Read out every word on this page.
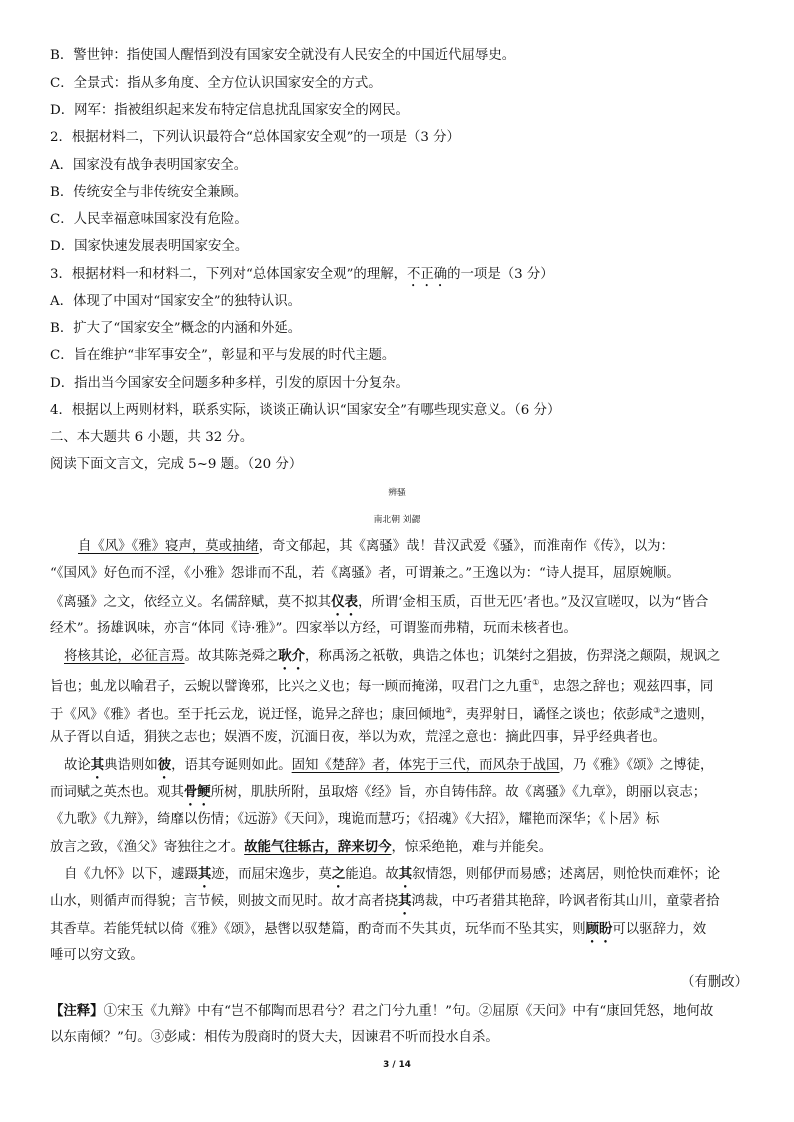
B．警世钟：指使国人醒悟到没有国家安全就没有人民安全的中国近代屈辱史。
C．全景式：指从多角度、全方位认识国家安全的方式。
D．网军：指被组织起来发布特定信息扰乱国家安全的网民。
2．根据材料二，下列认识最符合“总体国家安全观”的一项是（3 分）
A．国家没有战争表明国家安全。
B．传统安全与非传统安全兼顾。
C．人民幸福意味国家没有危险。
D．国家快速发展表明国家安全。
3．根据材料一和材料二，下列对“总体国家安全观”的理解，不正确的一项是（3 分）
A．体现了中国对“国家安全”的独特认识。
B．扩大了“国家安全”概念的内涵和外延。
C．旨在维护“非军事安全”，彰显和平与发展的时代主题。
D．指出当今国家安全问题多种多样，引发的原因十分复杂。
4．根据以上两则材料，联系实际，谈谈正确认识“国家安全”有哪些现实意义。（6 分）
二、本大题共 6 小题，共 32 分。
阅读下面文言文，完成 5~9 题。（20 分）
辨骚
南北朝 刘勰
自《风》《雅》寝声，莫或抽绪，奇文郁起，其《离骚》哉！昔汉武爱《骚》，而淮南作《传》，以为：
“《国风》好色而不淫，《小雅》怨诽而不乱，若《离骚》者，可谓兼之。”王逸以为：“诗人提耳，屈原婉顺。
《离骚》之文，依经立义。名儒辞赋，莫不拟其仪表，所谓‘金相玉质，百世无匹’者也。”及汉宣嗟叹，以为“皆合
经术”。扬雄讽味，亦言“体同《诗·雅》”。四家举以方经，可谓鉴而弗精，玩而未核者也。
将核其论，必征言焉。故其陈尧舜之耿介，称禹汤之祇敬，典诰之体也；讥桀纣之猖披，伤羿浇之颠陨，规讽之
旨也；虬龙以喻君子，云蜺以譬谗邪，比兴之义也；每一顾而掩涕，叹君门之九重①，忠怨之辞也；观兹四事，同
于《风》《雅》者也。至于托云龙，说迂怪，诡异之辞也；康回倾地②，夷羿射日，谲怪之谈也；依彭咸③之遗则，
从子胥以自适，狷狭之志也；娱酒不废，沉湎日夜，举以为欢，荒淫之意也：摘此四事，异乎经典者也。
故论其典诰则如彼，语其夸诞则如此。固知《楚辞》者，体宪于三代，而风杂于战国，乃《雅》《颂》之博徒，
而词赋之英杰也。观其骨鲠所树，肌肤所附，虽取熔《经》旨，亦自铸伟辞。故《离骚》《九章》，朗丽以哀志；
《九歌》《九辩》，绮靡以伤情；《远游》《天问》，瑰诡而慧巧；《招魂》《大招》，耀艳而深华；《卜居》标
放言之致，《渔父》寄独往之才。故能气往轹古，辞来切今，惊采绝艳，难与并能矣。
自《九怀》以下，遽蹑其迹，而屈宋逸步，莫之能追。故其叙情怨，则郁伊而易感；述离居，则怆快而难怀；论
山水，则循声而得貌；言节候，则披文而见时。故才高者挠其鸿裁，中巧者猎其艳辞，吟讽者衔其山川，童蒙者拾
其香草。若能凭轼以倚《雅》《颂》，悬辔以驭楚篇，酌奇而不失其贞，玩华而不坠其实，则顾盼可以驱辞力，效
唾可以穷文致。
（有删改）
【注释】①宋玉《九辩》中有“岂不郁陶而思君兮？君之门兮九重！”句。②屈原《天问》中有“康回凭怒，地何故
以东南倾？”句。③彭咸：相传为殷商时的贤大夫，因谏君不听而投水自杀。
3 / 14
